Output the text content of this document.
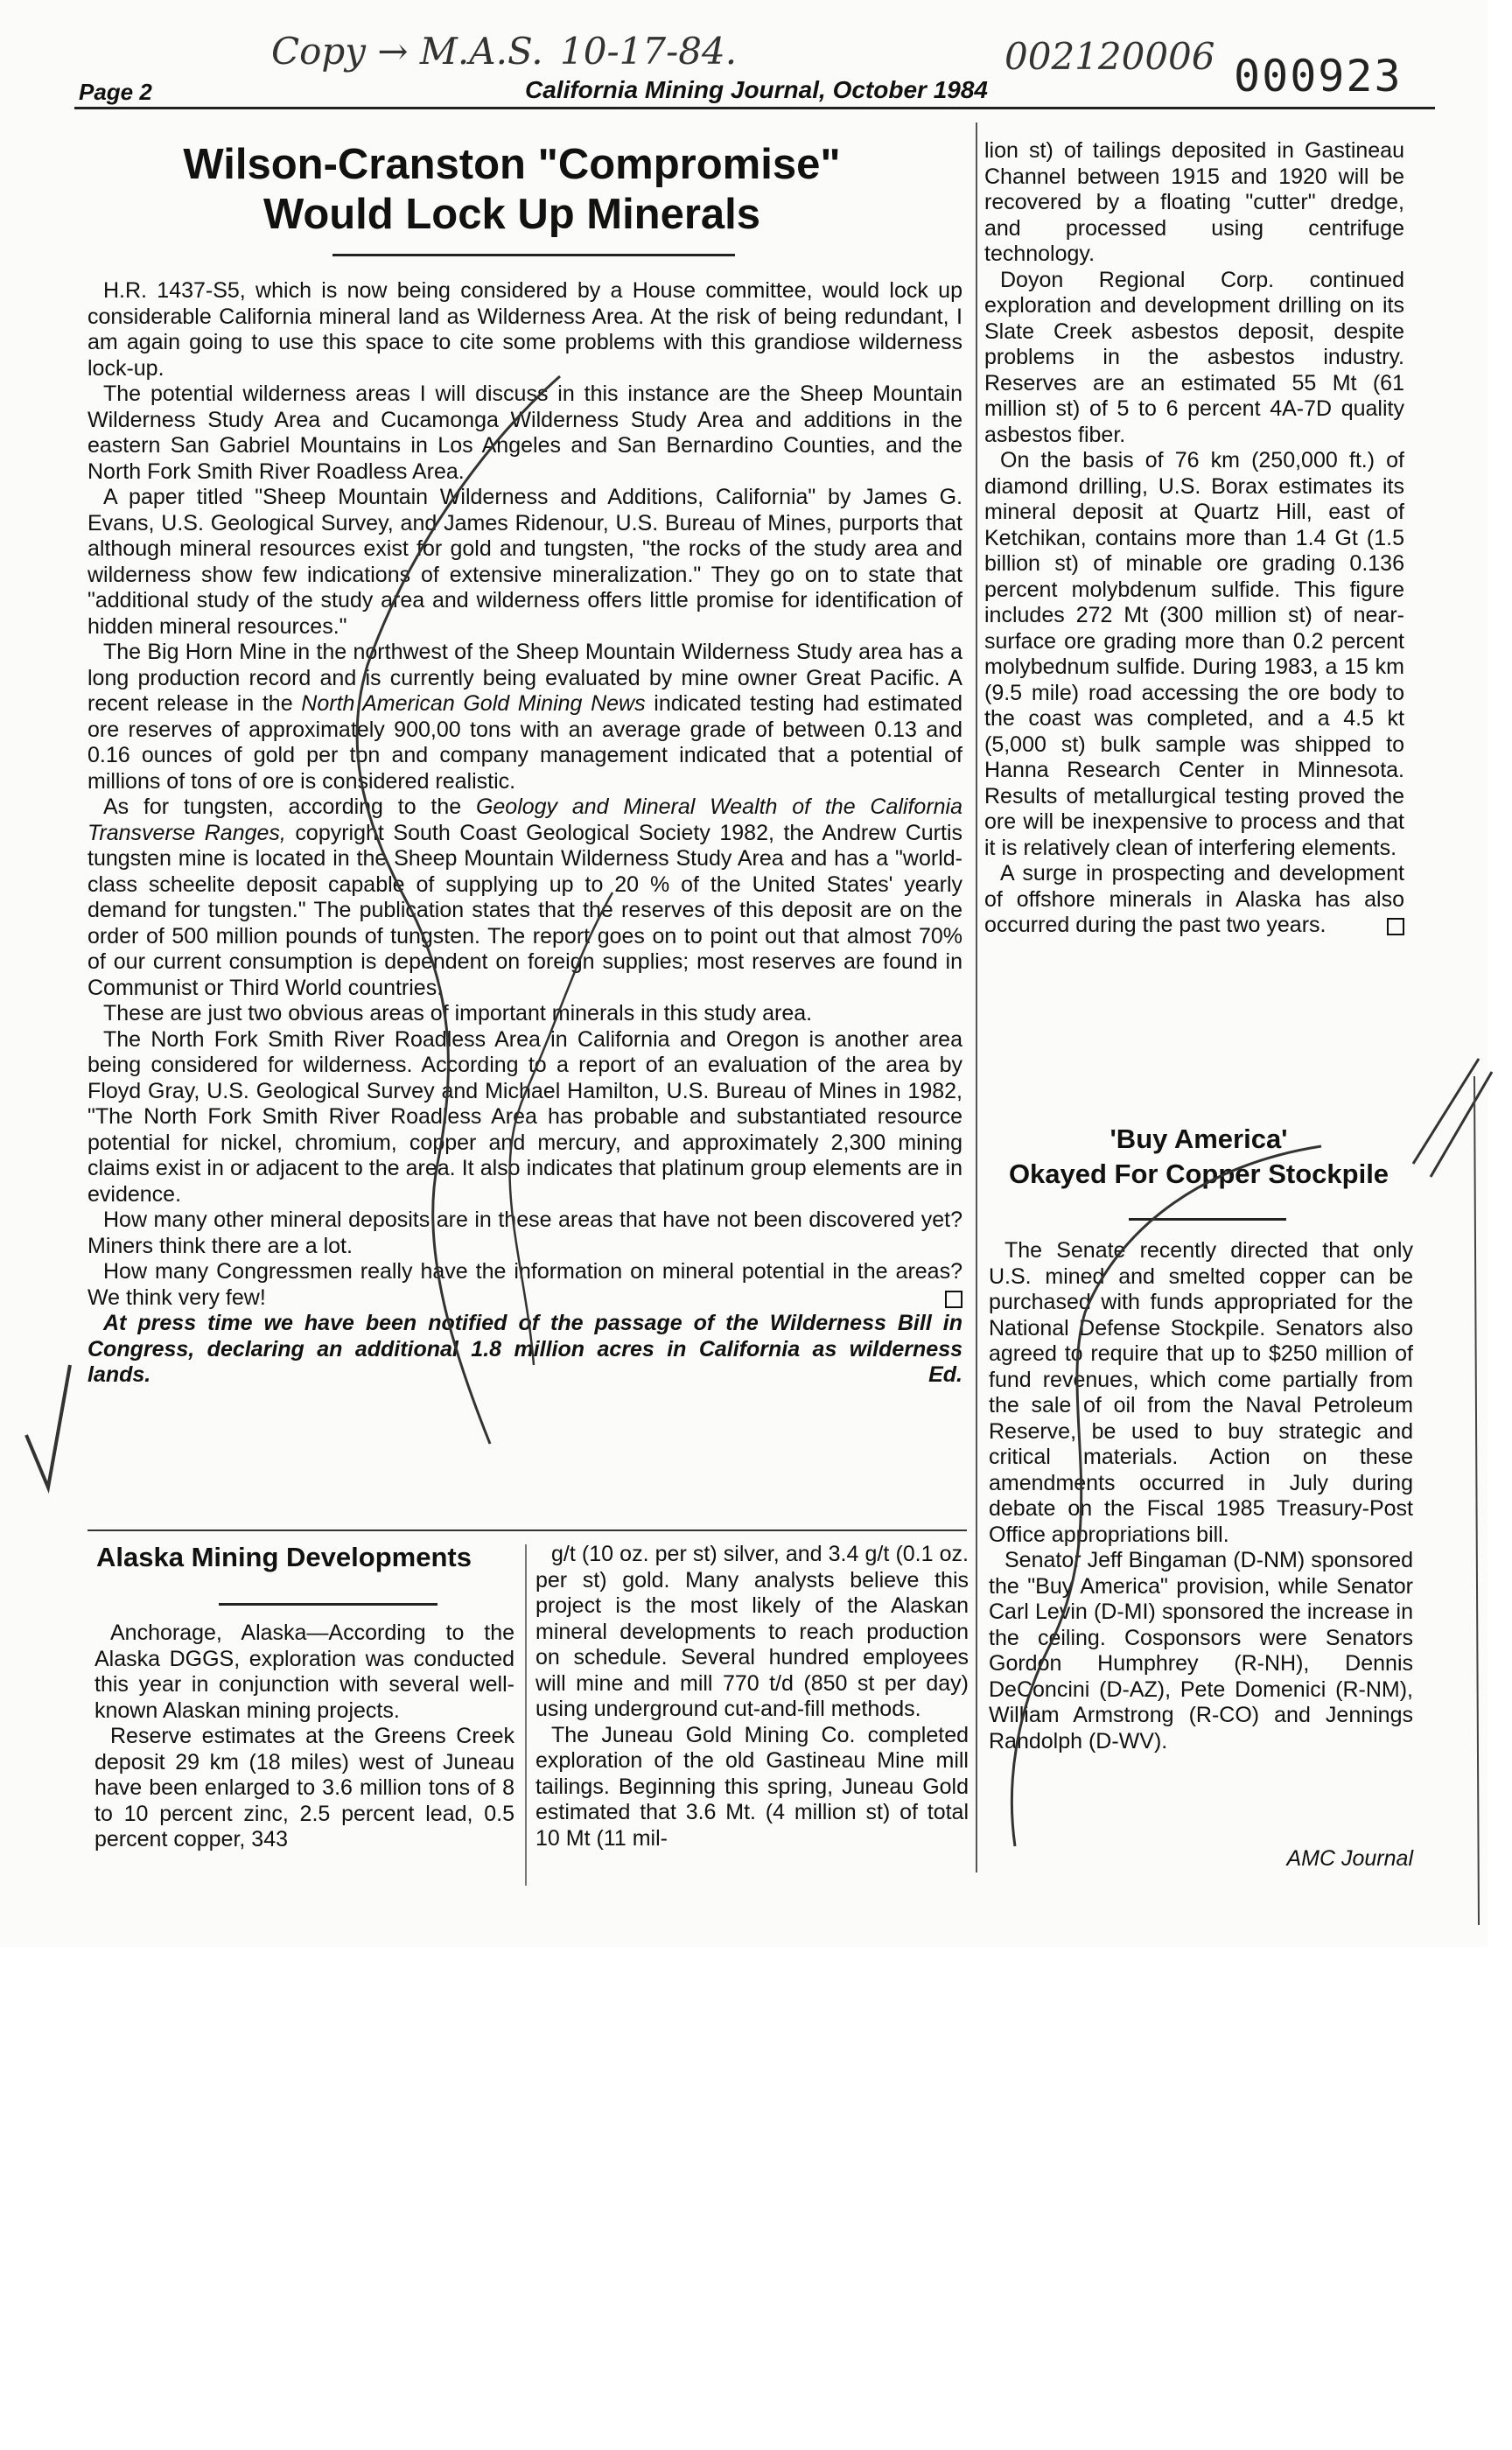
Copy → M.A.S. 10-17-84.	002120006 000923
Page 2	California Mining Journal, October 1984
Wilson-Cranston "Compromise"
Would Lock Up Minerals

H.R. 1437-S5, which is now being considered by a House committee, would lock up considerable California mineral land as Wilderness Area. At the risk of being redundant, I am again going to use this space to cite some problems with this grandiose wilderness lock-up.

The potential wilderness areas I will discuss in this instance are the Sheep Mountain Wilderness Study Area and Cucamonga Wilderness Study Area and additions in the eastern San Gabriel Mountains in Los Angeles and San Bernardino Counties, and the North Fork Smith River Roadless Area.

A paper titled "Sheep Mountain Wilderness and Additions, California" by James G. Evans, U.S. Geological Survey, and James Ridenour, U.S. Bureau of Mines, purports that although mineral resources exist for gold and tungsten, "the rocks of the study area and wilderness show few indications of extensive mineralization." They go on to state that "additional study of the study area and wilderness offers little promise for identification of hidden mineral resources."

The Big Horn Mine in the northwest of the Sheep Mountain Wilderness Study area has a long production record and is currently being evaluated by mine owner Great Pacific. A recent release in the North American Gold Mining News indicated testing had estimated ore reserves of approximately 900,00 tons with an average grade of between 0.13 and 0.16 ounces of gold per ton and company management indicated that a potential of millions of tons of ore is considered realistic.

As for tungsten, according to the Geology and Mineral Wealth of the California Transverse Ranges, copyright South Coast Geological Society 1982, the Andrew Curtis tungsten mine is located in the Sheep Mountain Wilderness Study Area and has a "world-class scheelite deposit capable of supplying up to 20 % of the United States' yearly demand for tungsten." The publication states that the reserves of this deposit are on the order of 500 million pounds of tungsten. The report goes on to point out that almost 70% of our current consumption is dependent on foreign supplies; most reserves are found in Communist or Third World countries.

These are just two obvious areas of important minerals in this study area.

The North Fork Smith River Roadless Area in California and Oregon is another area being considered for wilderness. According to a report of an evaluation of the area by Floyd Gray, U.S. Geological Survey and Michael Hamilton, U.S. Bureau of Mines in 1982, "The North Fork Smith River Roadless Area has probable and substantiated resource potential for nickel, chromium, copper and mercury, and approximately 2,300 mining claims exist in or adjacent to the area. It also indicates that platinum group elements are in evidence.

How many other mineral deposits are in these areas that have not been discovered yet? Miners think there are a lot.

How many Congressmen really have the information on mineral potential in the areas? We think very few!

At press time we have been notified of the passage of the Wilderness Bill in Congress, declaring an additional 1.8 million acres in California as wilderness lands.	Ed.

Alaska Mining Developments

Anchorage, Alaska—According to the Alaska DGGS, exploration was conducted this year in conjunction with several well-known Alaskan mining projects.

Reserve estimates at the Greens Creek deposit 29 km (18 miles) west of Juneau have been enlarged to 3.6 million tons of 8 to 10 percent zinc, 2.5 percent lead, 0.5 percent copper, 343

g/t (10 oz. per st) silver, and 3.4 g/t (0.1 oz. per st) gold. Many analysts believe this project is the most likely of the Alaskan mineral developments to reach production on schedule. Several hundred employees will mine and mill 770 t/d (850 st per day) using underground cut-and-fill methods.

The Juneau Gold Mining Co. completed exploration of the old Gastineau Mine mill tailings. Beginning this spring, Juneau Gold estimated that 3.6 Mt. (4 million st) of total 10 Mt (11 mil-

lion st) of tailings deposited in Gastineau Channel between 1915 and 1920 will be recovered by a floating "cutter" dredge, and processed using centrifuge technology.

Doyon Regional Corp. continued exploration and development drilling on its Slate Creek asbestos deposit, despite problems in the asbestos industry. Reserves are an estimated 55 Mt (61 million st) of 5 to 6 percent 4A-7D quality asbestos fiber.

On the basis of 76 km (250,000 ft.) of diamond drilling, U.S. Borax estimates its mineral deposit at Quartz Hill, east of Ketchikan, contains more than 1.4 Gt (1.5 billion st) of minable ore grading 0.136 percent molybdenum sulfide. This figure includes 272 Mt (300 million st) of near-surface ore grading more than 0.2 percent molybednum sulfide. During 1983, a 15 km (9.5 mile) road accessing the ore body to the coast was completed, and a 4.5 kt (5,000 st) bulk sample was shipped to Hanna Research Center in Minnesota. Results of metallurgical testing proved the ore will be inexpensive to process and that it is relatively clean of interfering elements.

A surge in prospecting and development of offshore minerals in Alaska has also occurred during the past two years.

'Buy America'
Okayed For Copper Stockpile

The Senate recently directed that only U.S. mined and smelted copper can be purchased with funds appropriated for the National Defense Stockpile. Senators also agreed to require that up to $250 million of fund revenues, which come partially from the sale of oil from the Naval Petroleum Reserve, be used to buy strategic and critical materials. Action on these amendments occurred in July during debate on the Fiscal 1985 Treasury-Post Office appropriations bill.

Senator Jeff Bingaman (D-NM) sponsored the "Buy America" provision, while Senator Carl Levin (D-MI) sponsored the increase in the ceiling. Cosponsors were Senators Gordon Humphrey (R-NH), Dennis DeConcini (D-AZ), Pete Domenici (R-NM), William Armstrong (R-CO) and Jennings Randolph (D-WV).

AMC Journal
